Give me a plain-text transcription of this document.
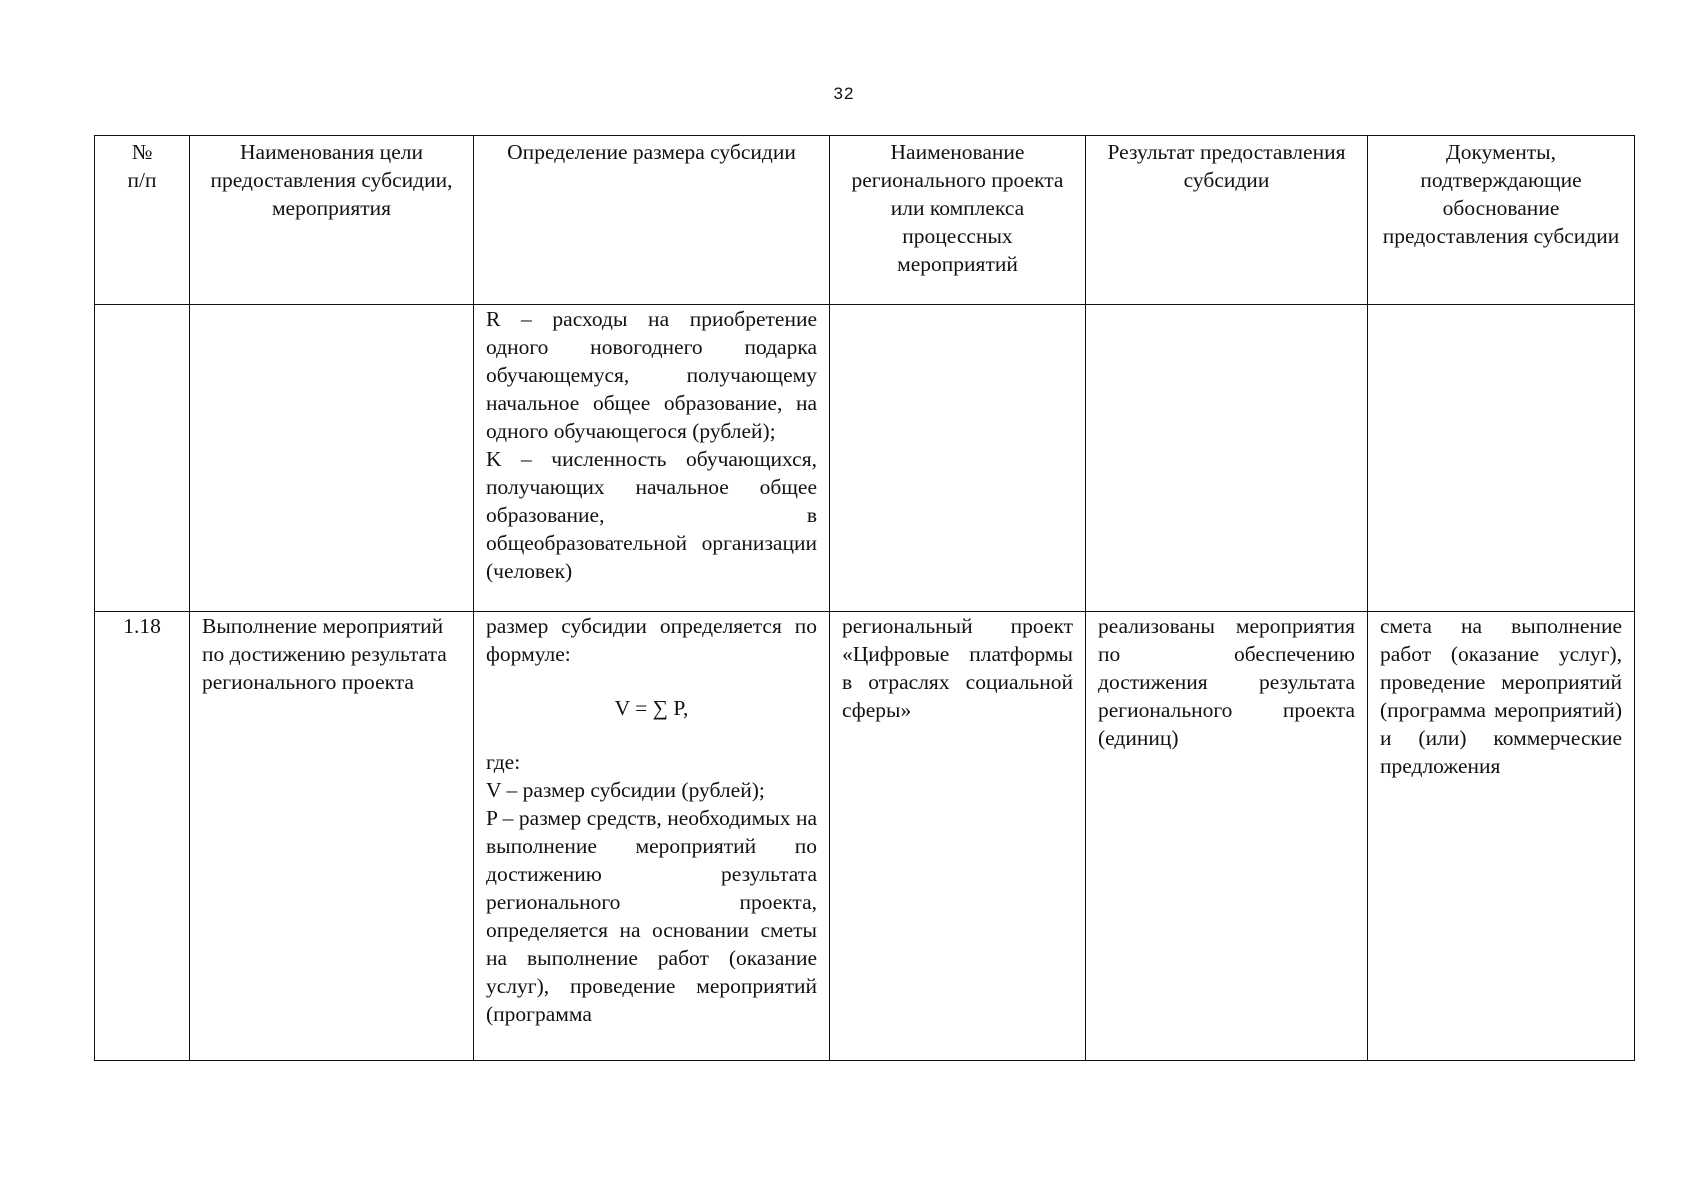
32
№
п/п	Наименования цели предоставления субсидии, мероприятия	Определение размера субсидии	Наименование регионального проекта или комплекса процессных мероприятий	Результат предоставления субсидии	Документы, подтверждающие обоснование предоставления субсидии

		R – расходы на приобретение одного новогоднего подарка обучающемуся, получающему начальное общее образование, на одного обучающегося (рублей);
K – численность обучающихся, получающих начальное общее образование, в общеобразовательной организации (человек)			

1.18	Выполнение мероприятий по достижению результата регионального проекта	размер субсидии определяется по формуле:
V = ∑ P,
где:
V – размер субсидии (рублей);
P – размер средств, необходимых на выполнение мероприятий по достижению результата регионального проекта, определяется на основании сметы на выполнение работ (оказание услуг), проведение мероприятий (программа	региональный проект «Цифровые платформы в отраслях социальной сферы»	реализованы мероприятия по обеспечению достижения результата регионального проекта (единиц)	смета на выполнение работ (оказание услуг), проведение мероприятий (программа мероприятий) и (или) коммерческие предложения
